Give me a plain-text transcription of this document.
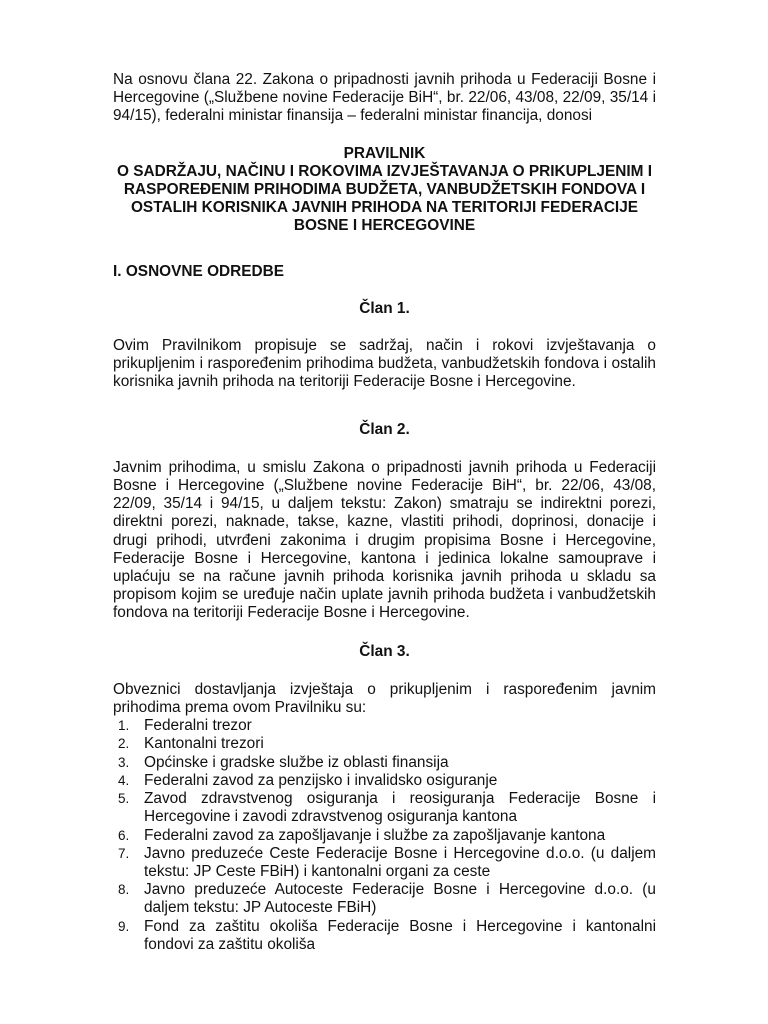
Na osnovu člana 22. Zakona o pripadnosti javnih prihoda u Federaciji Bosne i Hercegovine („Službene novine Federacije BiH“, br. 22/06, 43/08, 22/09, 35/14 i 94/15), federalni ministar finansija – federalni ministar financija, donosi

PRAVILNIK

O SADRŽAJU, NAČINU I ROKOVIMA IZVJEŠTAVANJA O PRIKUPLJENIM I RASPOREĐENIM PRIHODIMA BUDŽETA, VANBUDŽETSKIH FONDOVA I OSTALIH KORISNIKA JAVNIH PRIHODA NA TERITORIJI FEDERACIJE BOSNE I HERCEGOVINE

I. OSNOVNE ODREDBE

Član 1.

Ovim Pravilnikom propisuje se sadržaj, način i rokovi izvještavanja o prikupljenim i raspoređenim prihodima budžeta, vanbudžetskih fondova i ostalih korisnika javnih prihoda na teritoriji Federacije Bosne i Hercegovine.

Član 2.

Javnim prihodima, u smislu Zakona o pripadnosti javnih prihoda u Federaciji Bosne i Hercegovine („Službene novine Federacije BiH“, br. 22/06, 43/08, 22/09, 35/14 i 94/15, u daljem tekstu: Zakon) smatraju se indirektni porezi, direktni porezi, naknade, takse, kazne, vlastiti prihodi, doprinosi, donacije i drugi prihodi, utvrđeni zakonima i drugim propisima Bosne i Hercegovine, Federacije Bosne i Hercegovine, kantona i jedinica lokalne samouprave i uplaćuju se na račune javnih prihoda korisnika javnih prihoda u skladu sa propisom kojim se uređuje način uplate javnih prihoda budžeta i vanbudžetskih fondova na teritoriji Federacije Bosne i Hercegovine.

Član 3.

Obveznici dostavljanja izvještaja o prikupljenim i raspoređenim javnim prihodima prema ovom Pravilniku su:

1. Federalni trezor
2. Kantonalni trezori
3. Općinske i gradske službe iz oblasti finansija
4. Federalni zavod za penzijsko i invalidsko osiguranje
5. Zavod zdravstvenog osiguranja i reosiguranja Federacije Bosne i Hercegovine i zavodi zdravstvenog osiguranja kantona
6. Federalni zavod za zapošljavanje i službe za zapošljavanje kantona
7. Javno preduzeće Ceste Federacije Bosne i Hercegovine d.o.o. (u daljem tekstu: JP Ceste FBiH) i kantonalni organi za ceste
8. Javno preduzeće Autoceste Federacije Bosne i Hercegovine d.o.o. (u daljem tekstu: JP Autoceste FBiH)
9. Fond za zaštitu okoliša Federacije Bosne i Hercegovine i kantonalni fondovi za zaštitu okoliša
